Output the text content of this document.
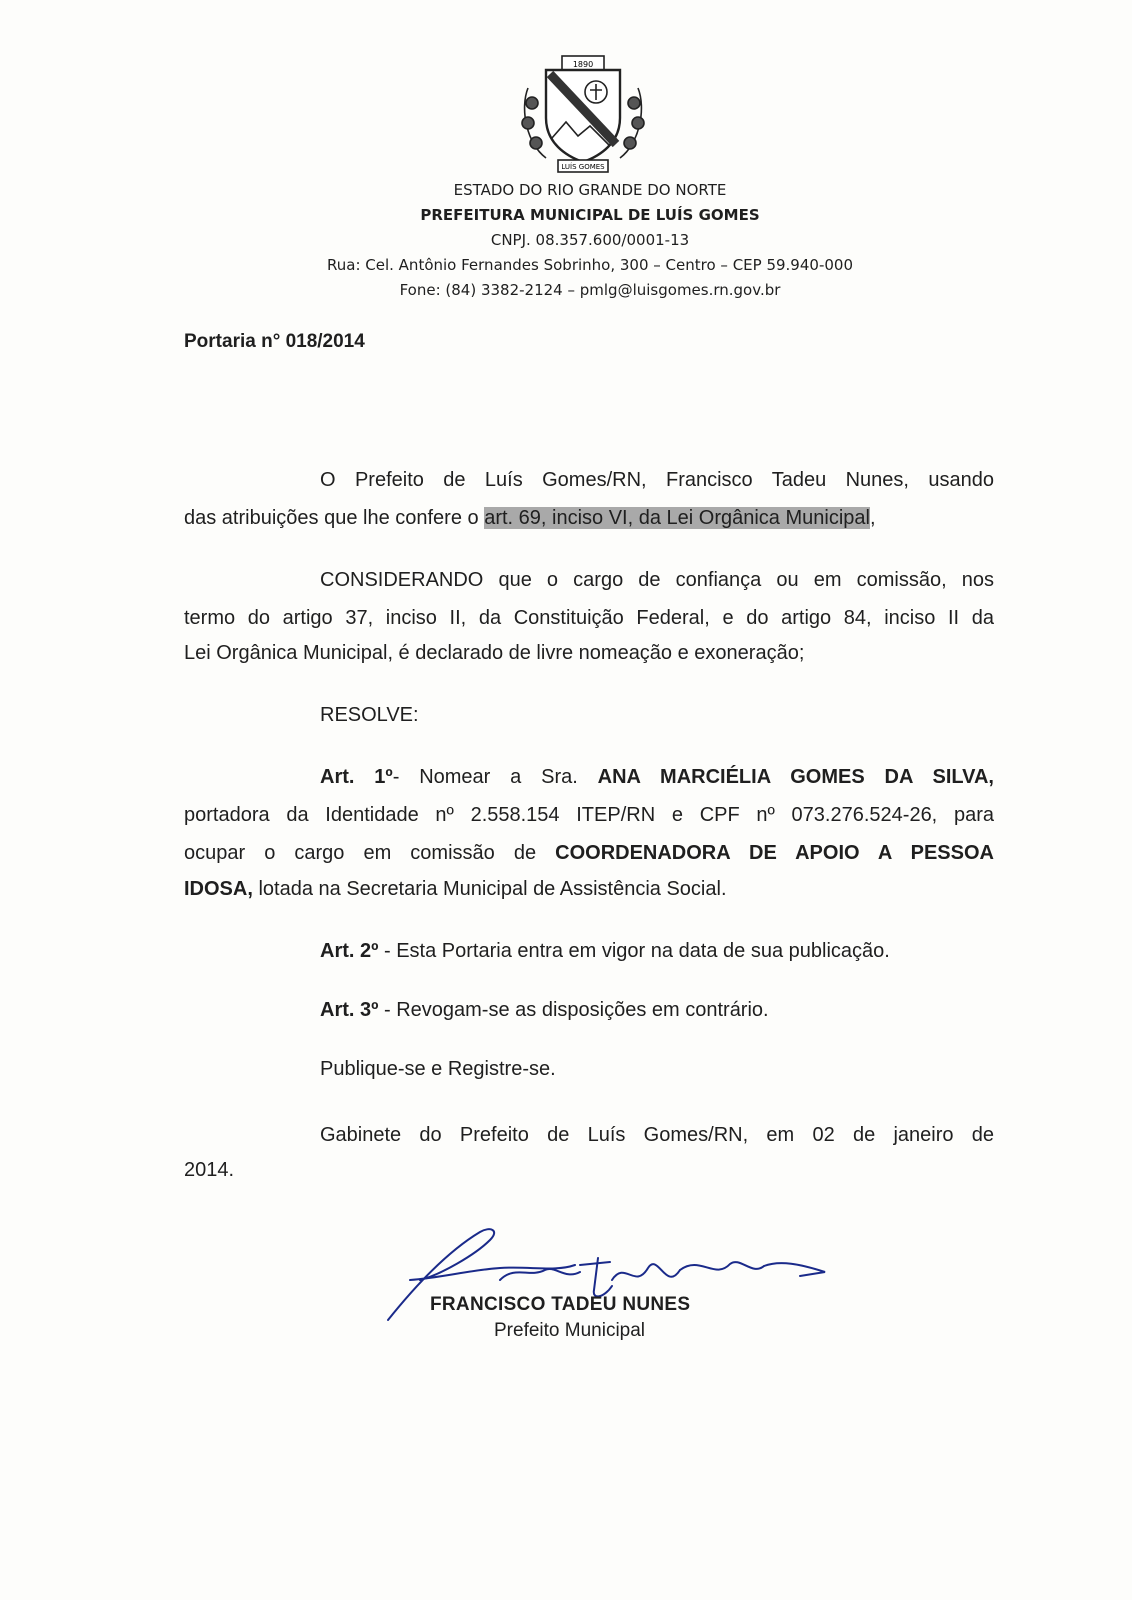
1890
LUÍS GOMES
ESTADO DO RIO GRANDE DO NORTE
PREFEITURA MUNICIPAL DE LUÍS GOMES
CNPJ. 08.357.600/0001-13
Rua: Cel. Antônio Fernandes Sobrinho, 300 – Centro – CEP 59.940-000
Fone: (84) 3382-2124 – pmlg@luisgomes.rn.gov.br
Portaria n° 018/2014
O Prefeito de Luís Gomes/RN, Francisco Tadeu Nunes, usando
das atribuições que lhe confere o art. 69, inciso VI, da Lei Orgânica Municipal,
CONSIDERANDO que o cargo de confiança ou em comissão, nos
termo do artigo 37, inciso II, da Constituição Federal, e do artigo 84, inciso II da
Lei Orgânica Municipal, é declarado de livre nomeação e exoneração;
RESOLVE:
Art. 1º- Nomear a Sra. ANA MARCIÉLIA GOMES DA SILVA,
portadora da Identidade nº 2.558.154 ITEP/RN e CPF nº 073.276.524-26, para
ocupar o cargo em comissão de COORDENADORA DE APOIO A PESSOA
IDOSA, lotada na Secretaria Municipal de Assistência Social.
Art. 2º - Esta Portaria entra em vigor na data de sua publicação.
Art. 3º - Revogam-se as disposições em contrário.
Publique-se e Registre-se.
Gabinete do Prefeito de Luís Gomes/RN, em 02 de janeiro de
2014.
FRANCISCO TADEU NUNES
Prefeito Municipal
